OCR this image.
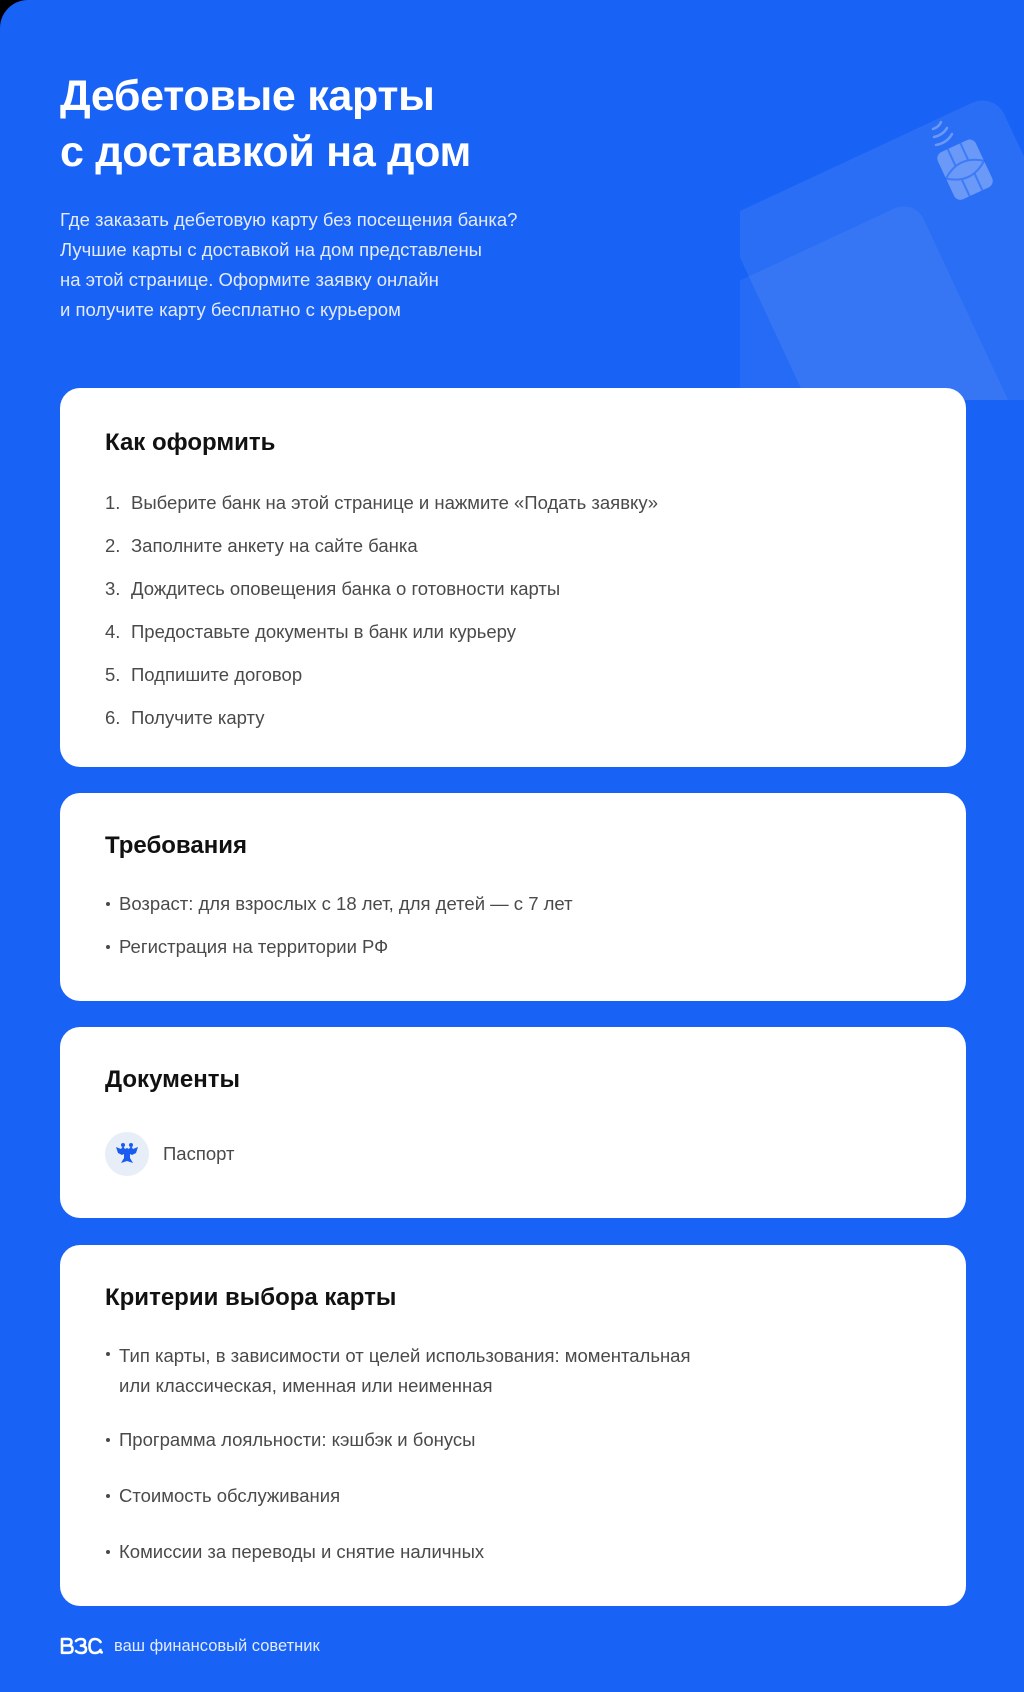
Дебетовые карты
с доставкой на дом

Где заказать дебетовую карту без посещения банка?
Лучшие карты с доставкой на дом представлены
на этой странице. Оформите заявку онлайн
и получите карту бесплатно с курьером

Как оформить
1. Выберите банк на этой странице и нажмите «Подать заявку»
2. Заполните анкету на сайте банка
3. Дождитесь оповещения банка о готовности карты
4. Предоставьте документы в банк или курьеру
5. Подпишите договор
6. Получите карту
Требования
Возраст: для взрослых с 18 лет, для детей — с 7 лет
Регистрация на территории РФ
Документы
Паспорт
Критерии выбора карты
Тип карты, в зависимости от целей использования: моментальная
или классическая, именная или неименная
Программа лояльности: кэшбэк и бонусы
Стоимость обслуживания
Комиссии за переводы и снятие наличных
ваш финансовый советник
